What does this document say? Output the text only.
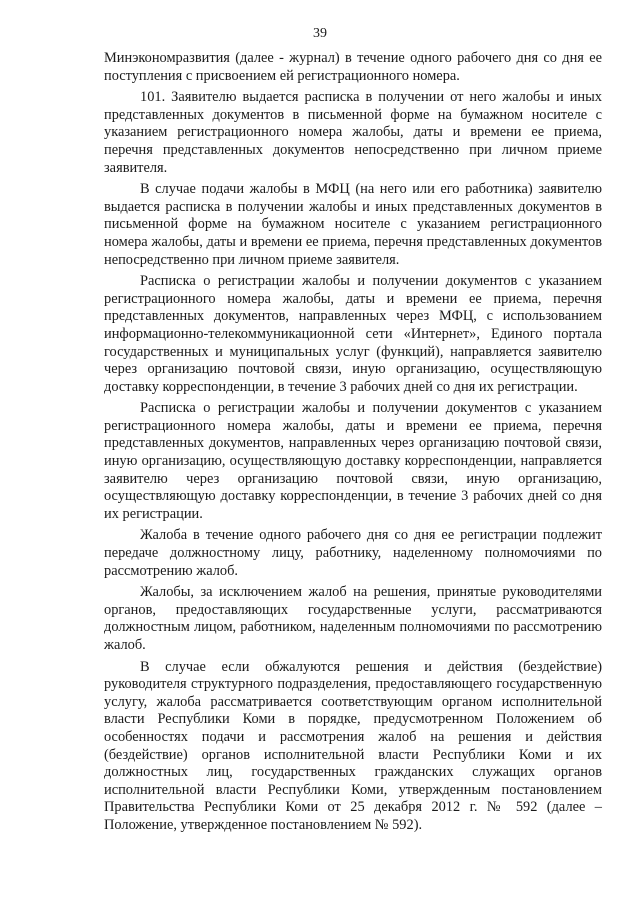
39

Минэкономразвития (далее - журнал) в течение одного рабочего дня со дня ее поступления с присвоением ей регистрационного номера.

101. Заявителю выдается расписка в получении от него жалобы и иных представленных документов в письменной форме на бумажном носителе с указанием регистрационного номера жалобы, даты и времени ее приема, перечня представленных документов непосредственно при личном приеме заявителя.

В случае подачи жалобы в МФЦ (на него или его работника) заявителю выдается расписка в получении жалобы и иных представленных документов в письменной форме на бумажном носителе с указанием регистрационного номера жалобы, даты и времени ее приема, перечня представленных документов непосредственно при личном приеме заявителя.

Расписка о регистрации жалобы и получении документов с указанием регистрационного номера жалобы, даты и времени ее приема, перечня представленных документов, направленных через МФЦ, с использованием информационно-телекоммуникационной сети «Интернет», Единого портала государственных и муниципальных услуг (функций), направляется заявителю через организацию почтовой связи, иную организацию, осуществляющую доставку корреспонденции, в течение 3 рабочих дней со дня их регистрации.

Расписка о регистрации жалобы и получении документов с указанием регистрационного номера жалобы, даты и времени ее приема, перечня представленных документов, направленных через организацию почтовой связи, иную организацию, осуществляющую доставку корреспонденции, направляется заявителю через организацию почтовой связи, иную организацию, осуществляющую доставку корреспонденции, в течение 3 рабочих дней со дня их регистрации.

Жалоба в течение одного рабочего дня со дня ее регистрации подлежит передаче должностному лицу, работнику, наделенному полномочиями по рассмотрению жалоб.

Жалобы, за исключением жалоб на решения, принятые руководителями органов, предоставляющих государственные услуги, рассматриваются должностным лицом, работником, наделенным полномочиями по рассмотрению жалоб.

В случае если обжалуются решения и действия (бездействие) руководителя структурного подразделения, предоставляющего государственную услугу, жалоба рассматривается соответствующим органом исполнительной власти Республики Коми в порядке, предусмотренном Положением об особенностях подачи и рассмотрения жалоб на решения и действия (бездействие) органов исполнительной власти Республики Коми и их должностных лиц, государственных гражданских служащих органов исполнительной власти Республики Коми, утвержденным постановлением Правительства Республики Коми от 25 декабря 2012 г. № 592 (далее – Положение, утвержденное постановлением № 592).
